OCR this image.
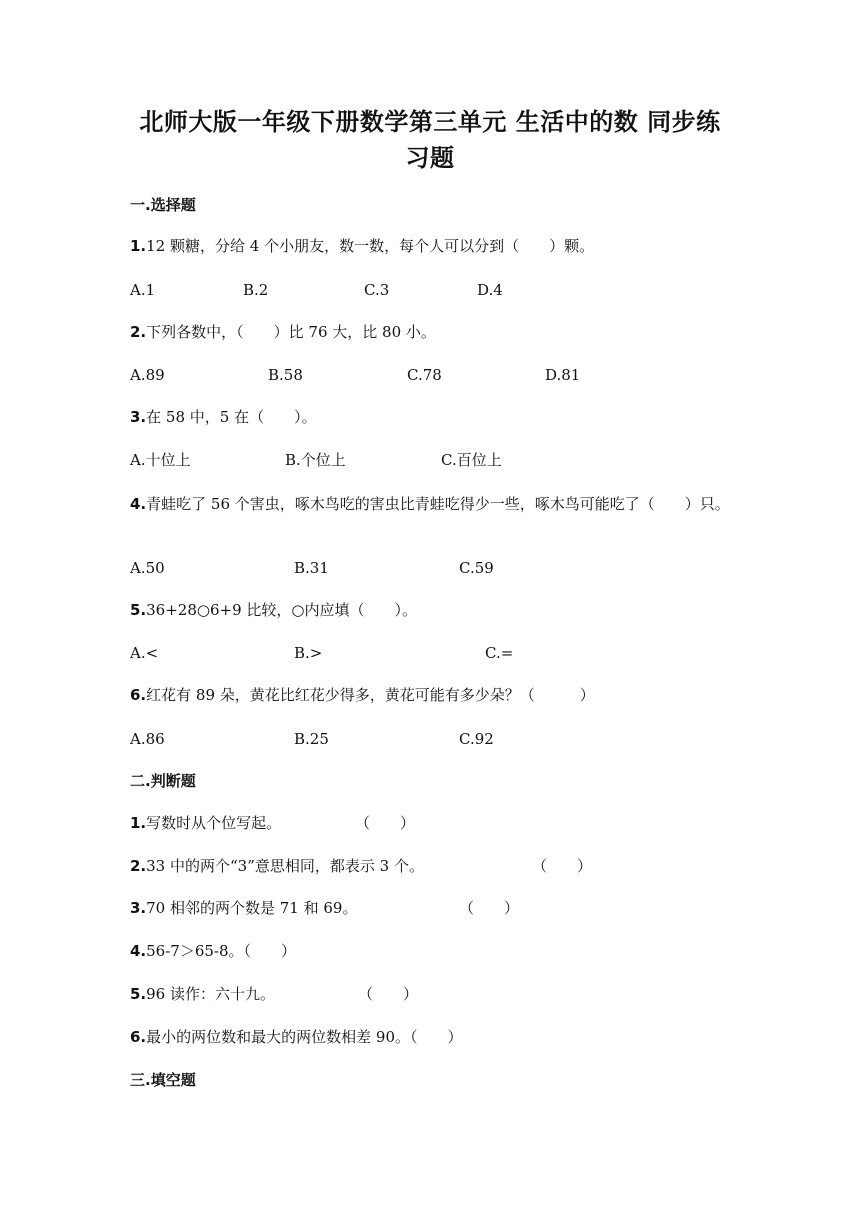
北师大版一年级下册数学第三单元 生活中的数 同步练习题
一.选择题
1.12 颗糖，分给 4 个小朋友，数一数，每个人可以分到（　　）颗。
A.1	B.2	C.3	D.4
2.下列各数中，（　　）比 76 大，比 80 小。
A.89	B.58	C.78	D.81
3.在 58 中，5 在（　　）。
A.十位上	B.个位上	C.百位上
4.青蛙吃了 56 个害虫，啄木鸟吃的害虫比青蛙吃得少一些，啄木鸟可能吃了（　　）只。
A.50	B.31	C.59
5.36+28○6+9 比较，○内应填（　　）。
A.<	B.>	C.=
6.红花有 89 朵，黄花比红花少得多，黄花可能有多少朵？（　　　）
A.86	B.25	C.92
二.判断题
1.写数时从个位写起。	（　　）
2.33 中的两个“3”意思相同，都表示 3 个。	（　　）
3.70 相邻的两个数是 71 和 69。	（　　）
4.56-7＞65-8。（　　）
5.96 读作：六十九。	（　　）
6.最小的两位数和最大的两位数相差 90。（　　）
三.填空题
